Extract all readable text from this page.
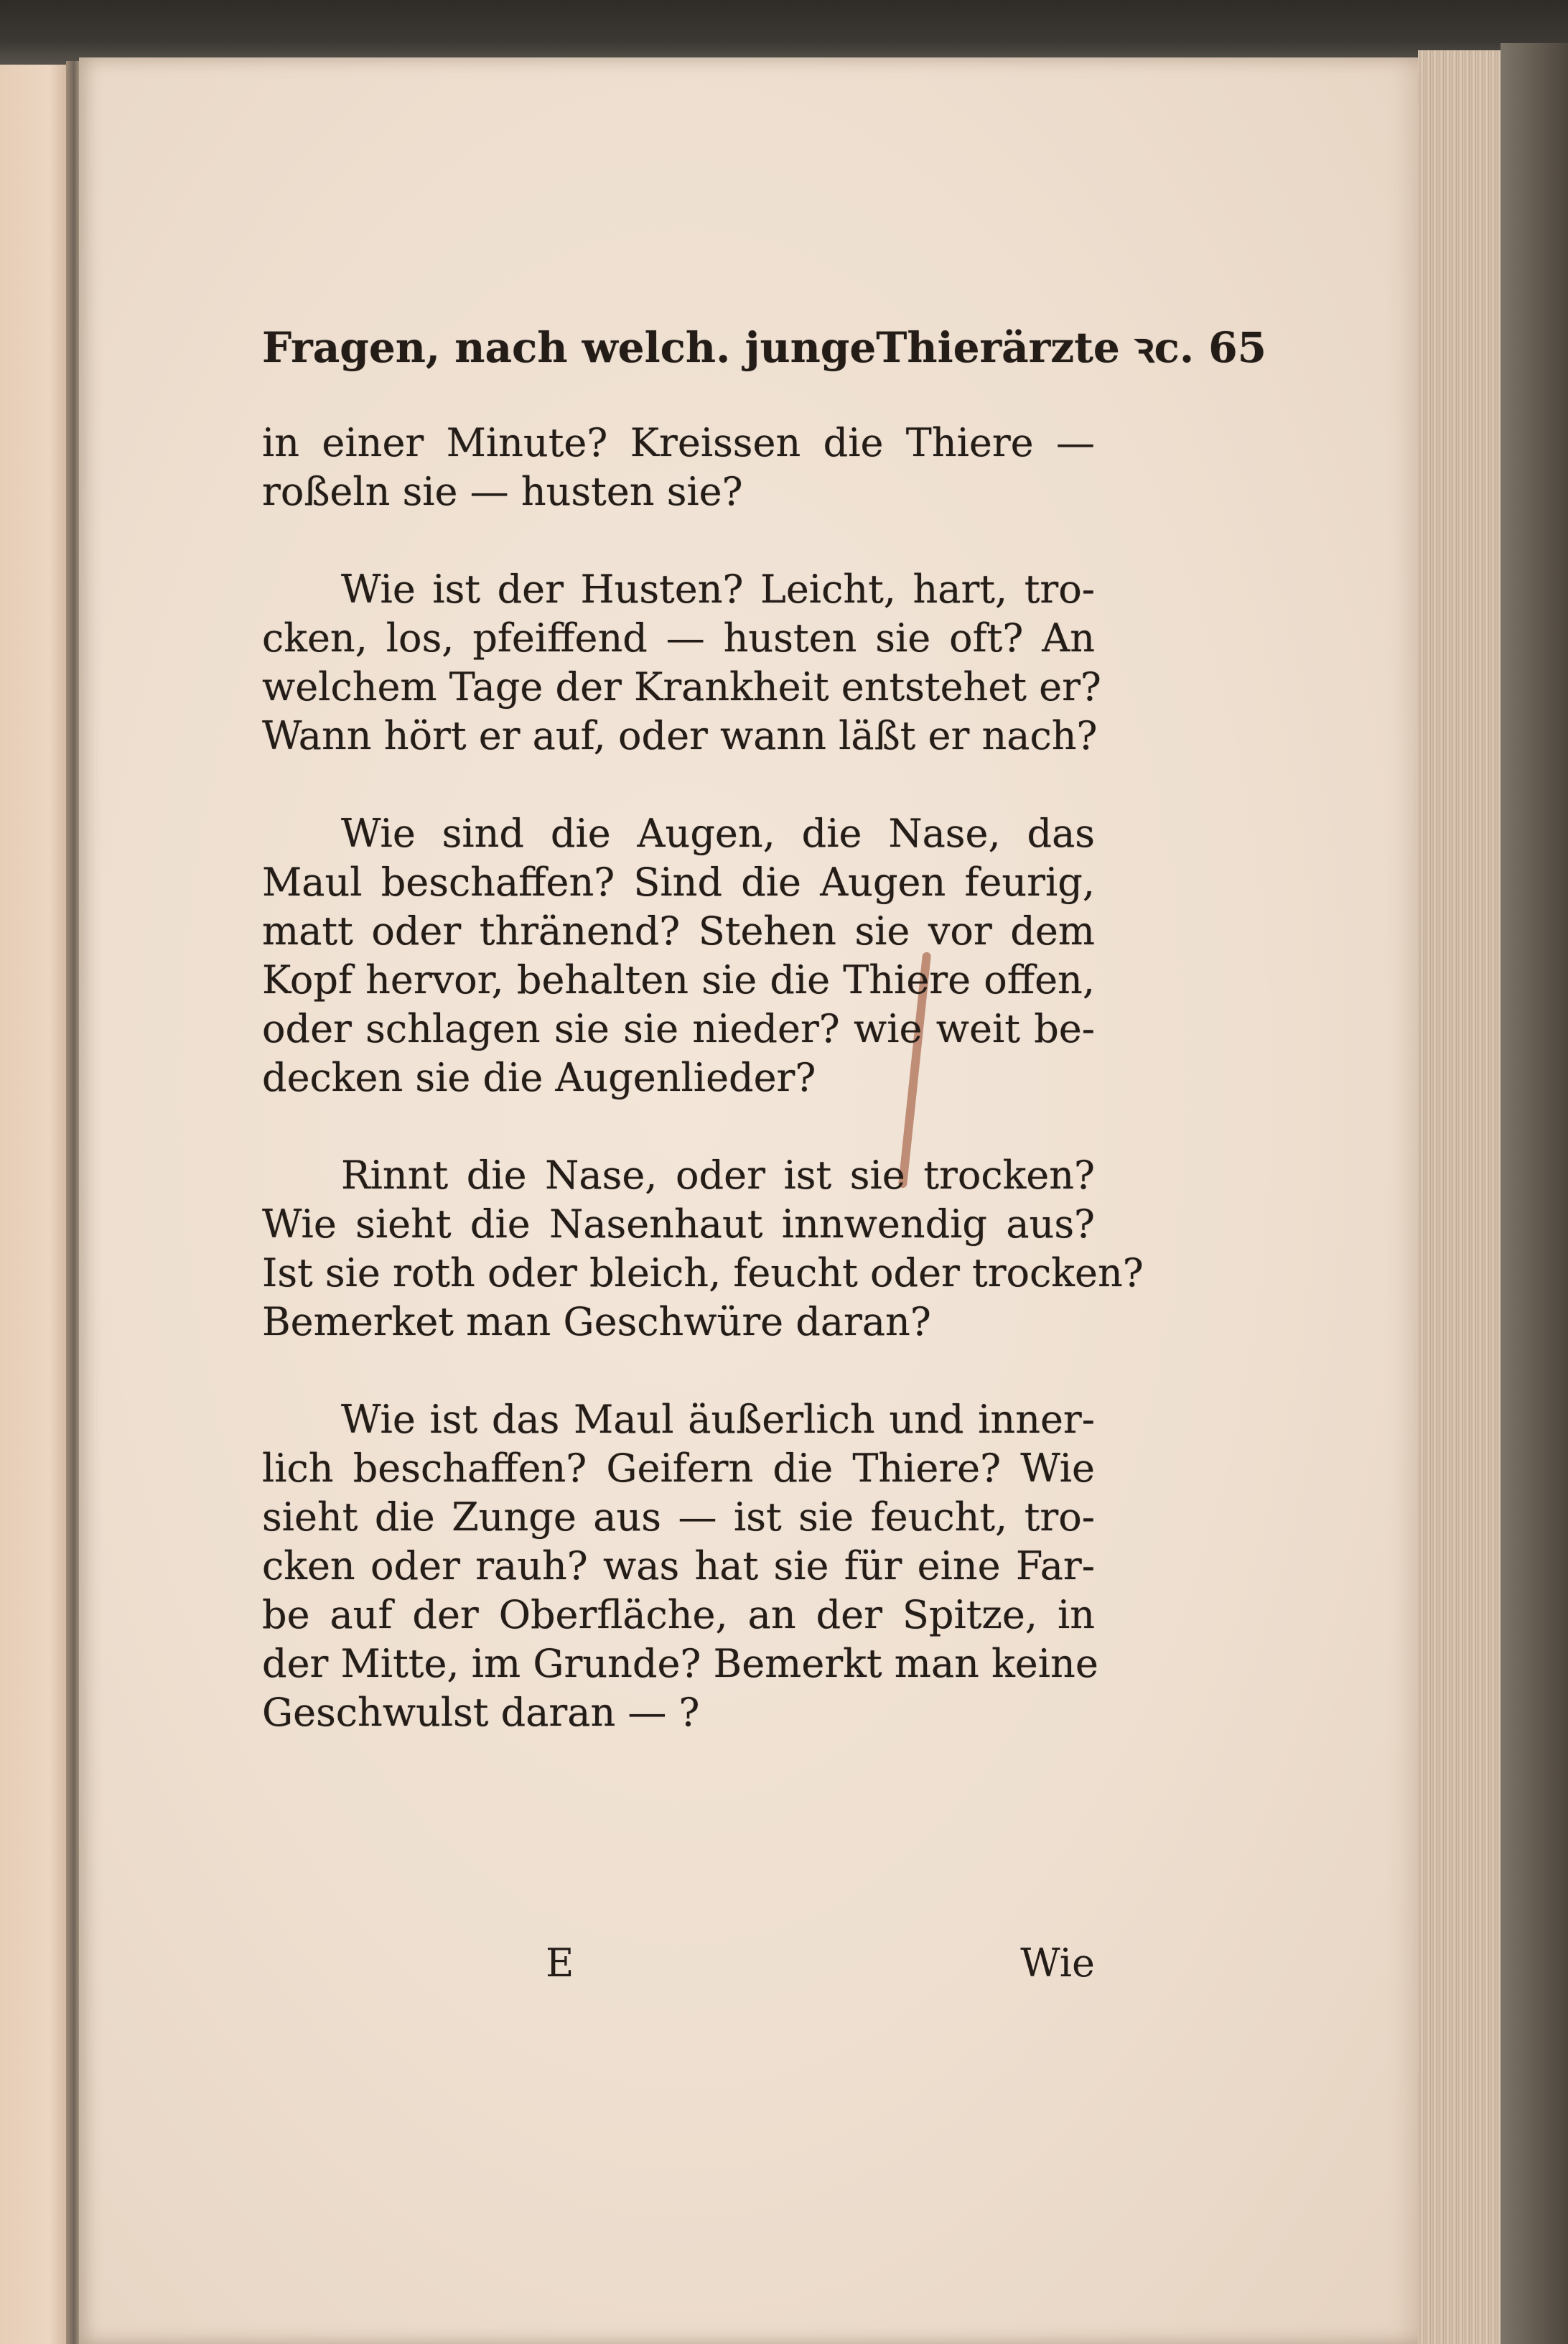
Fragen, nach welch. jungeThierärzte ꝛc. 65
in einer Minute? Kreissen die Thiere —
roßeln sie — husten sie?
Wie ist der Husten? Leicht, hart, tro-
cken, los, pfeiffend — husten sie oft? An
welchem Tage der Krankheit entstehet er?
Wann hört er auf, oder wann läßt er nach?
Wie sind die Augen, die Nase, das
Maul beschaffen? Sind die Augen feurig,
matt oder thränend? Stehen sie vor dem
Kopf hervor, behalten sie die Thiere offen,
oder schlagen sie sie nieder? wie weit be-
decken sie die Augenlieder?
Rinnt die Nase, oder ist sie trocken?
Wie sieht die Nasenhaut innwendig aus?
Ist sie roth oder bleich, feucht oder trocken?
Bemerket man Geschwüre daran?
Wie ist das Maul äußerlich und inner-
lich beschaffen? Geifern die Thiere? Wie
sieht die Zunge aus — ist sie feucht, tro-
cken oder rauh? was hat sie für eine Far-
be auf der Oberfläche, an der Spitze, in
der Mitte, im Grunde? Bemerkt man keine
Geschwulst daran — ?
E	Wie
